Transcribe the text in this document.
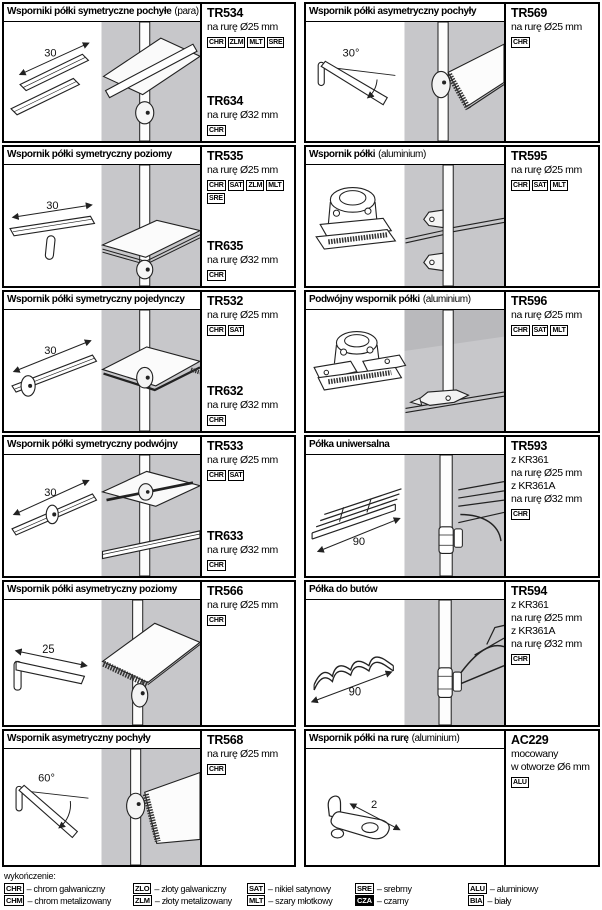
Wsporniki półki symetryczne pochyłe (para)
30
TR534
na rurę Ø25 mm
CHR ZLM MLT SRE
TR634
na rurę Ø32 mm
CHR
Wspornik półki asymetryczny pochyły
30°
TR569
na rurę Ø25 mm
CHR
Wspornik półki symetryczny poziomy
30
TR535
na rurę Ø25 mm
CHR SAT ZLM MLT
SRE
TR635
na rurę Ø32 mm
CHR
Wspornik półki (aluminium)	TR595
na rurę Ø25 mm
CHR SAT MLT
Wspornik półki symetryczny pojedynczy
30
TR532
na rurę Ø25 mm
CHR SAT
TR632
na rurę Ø32 mm
CHR
Podwójny wspornik półki (aluminium)	TR596
na rurę Ø25 mm
CHR SAT MLT
Wspornik półki symetryczny podwójny
30
TR533
na rurę Ø25 mm
CHR SAT
TR633
na rurę Ø32 mm
CHR
Półka uniwersalna
90
TR593
z KR361
na rurę Ø25 mm
z KR361A
na rurę Ø32 mm
CHR
Wspornik półki asymetryczny poziomy
25
TR566
na rurę Ø25 mm
CHR
Półka do butów
90
TR594
z KR361
na rurę Ø25 mm
z KR361A
na rurę Ø32 mm
CHR
Wspornik asymetryczny pochyły
60°
TR568
na rurę Ø25 mm
CHR
Wspornik półki na rurę (aluminium)
2
AC229
mocowany
w otworze Ø6 mm
ALU
wykończenie:
CHR – chrom galwaniczny
CHM – chrom metalizowany
ZLO – złoty galwaniczny
ZLM – złoty metalizowany
SAT – nikiel satynowy
MLT – szary młotkowy
SRE – srebrny
CZA – czarny
ALU – aluminiowy
BIA – biały
